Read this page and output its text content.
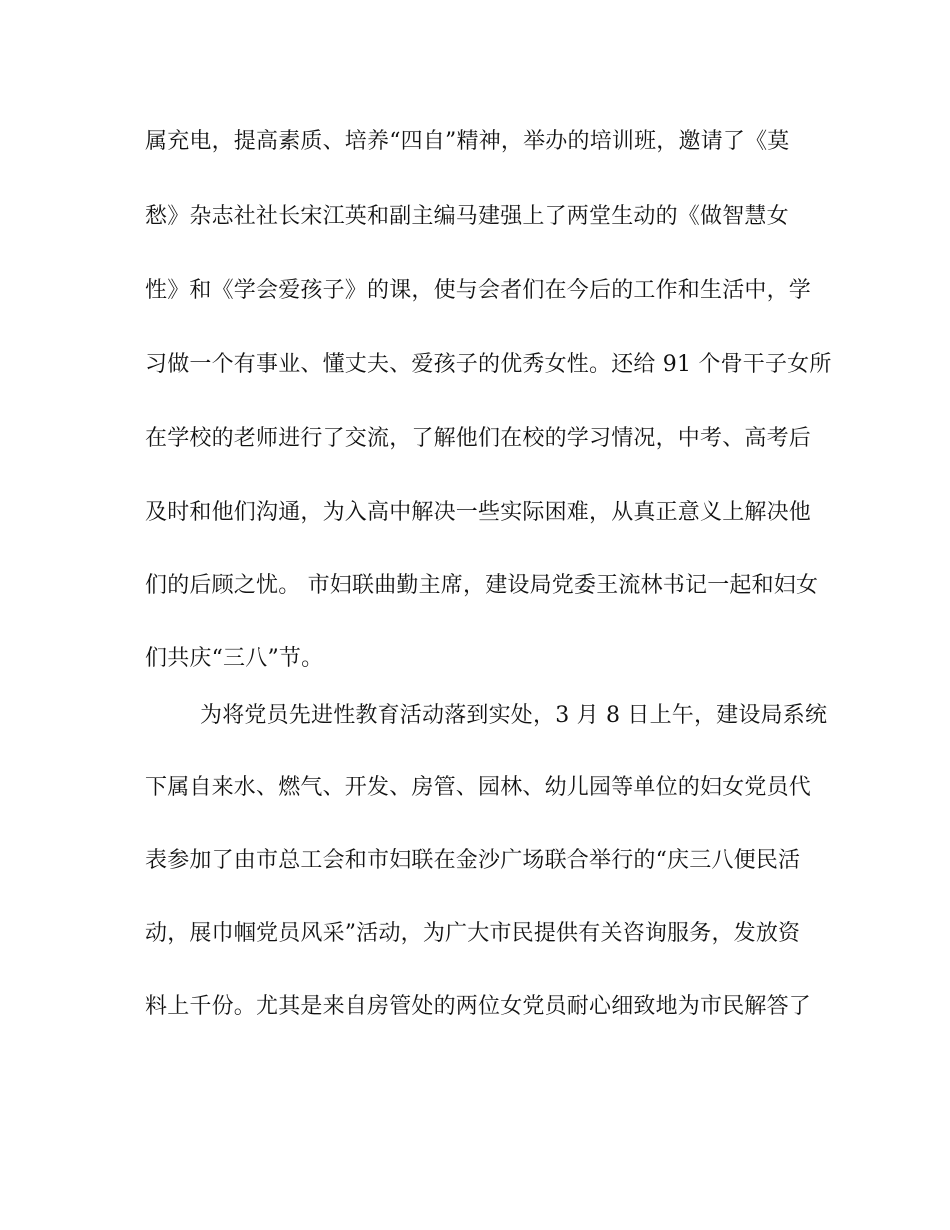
属充电，提高素质、培养“四自”精神，举办的培训班，邀请了《莫
愁》杂志社社长宋江英和副主编马建强上了两堂生动的《做智慧女
性》和《学会爱孩子》的课，使与会者们在今后的工作和生活中，学
习做一个有事业、懂丈夫、爱孩子的优秀女性。还给 91 个骨干子女所
在学校的老师进行了交流，了解他们在校的学习情况，中考、高考后
及时和他们沟通，为入高中解决一些实际困难，从真正意义上解决他
们的后顾之忧。 市妇联曲勤主席，建设局党委王流林书记一起和妇女
们共庆“三八”节。
为将党员先进性教育活动落到实处，3 月 8 日上午，建设局系统
下属自来水、燃气、开发、房管、园林、幼儿园等单位的妇女党员代
表参加了由市总工会和市妇联在金沙广场联合举行的“庆三八便民活
动，展巾帼党员风采”活动，为广大市民提供有关咨询服务，发放资
料上千份。尤其是来自房管处的两位女党员耐心细致地为市民解答了
